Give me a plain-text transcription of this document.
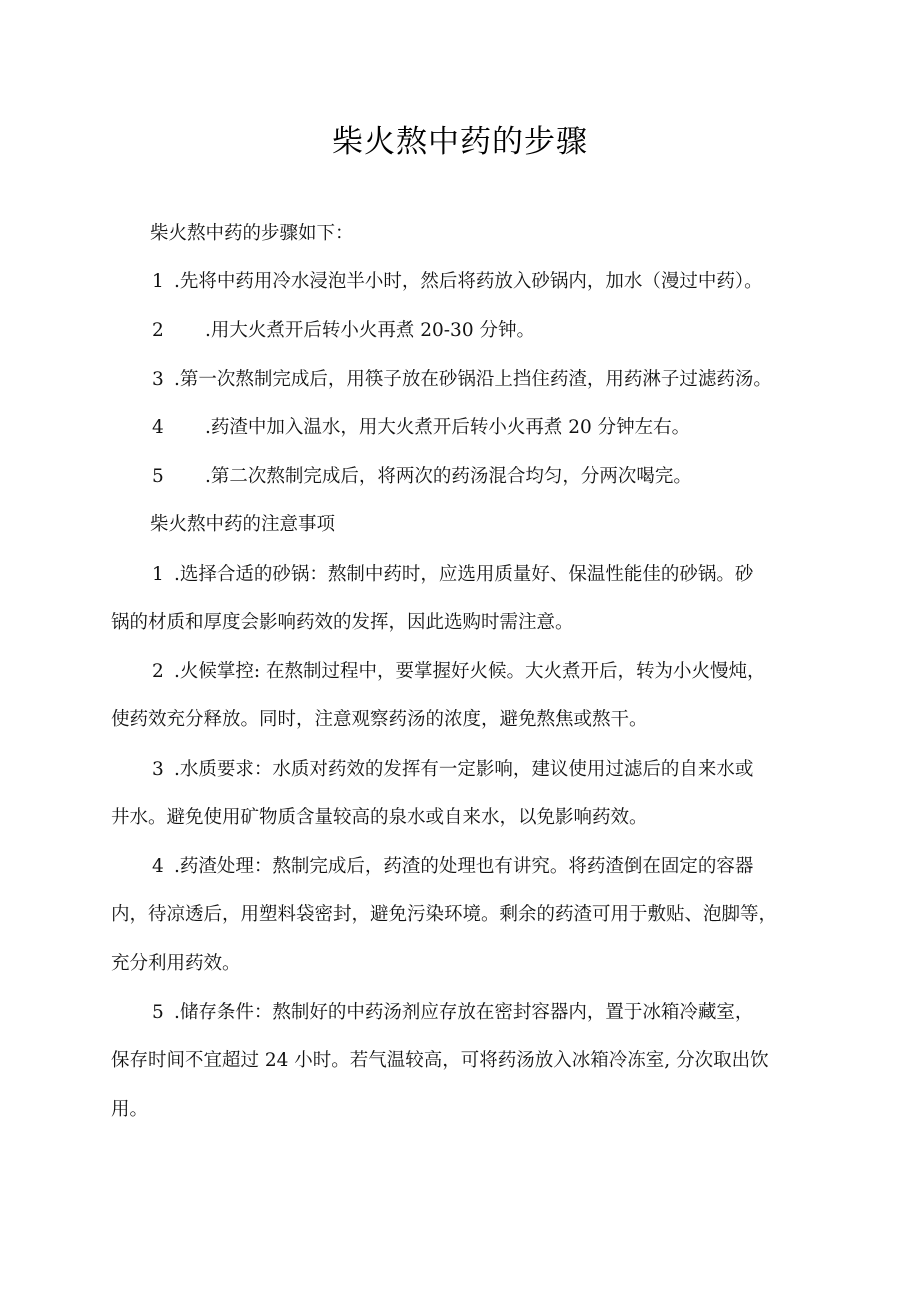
柴火熬中药的步骤
柴火熬中药的步骤如下：
1 .先将中药用冷水浸泡半小时，然后将药放入砂锅内，加水（漫过中药）。
2 .用大火煮开后转小火再煮 20-30 分钟。
3 .第一次熬制完成后，用筷子放在砂锅沿上挡住药渣，用药淋子过滤药汤。
4 .药渣中加入温水，用大火煮开后转小火再煮 20 分钟左右。
5 .第二次熬制完成后，将两次的药汤混合均匀，分两次喝完。
柴火熬中药的注意事项
1 .选择合适的砂锅：熬制中药时，应选用质量好、保温性能佳的砂锅。砂
锅的材质和厚度会影响药效的发挥，因此选购时需注意。
2 .火候掌控: 在熬制过程中，要掌握好火候。大火煮开后，转为小火慢炖，
使药效充分释放。同时，注意观察药汤的浓度，避免熬焦或熬干。
3 .水质要求：水质对药效的发挥有一定影响，建议使用过滤后的自来水或
井水。避免使用矿物质含量较高的泉水或自来水，以免影响药效。
4 .药渣处理：熬制完成后，药渣的处理也有讲究。将药渣倒在固定的容器
内，待凉透后，用塑料袋密封，避免污染环境。剩余的药渣可用于敷贴、泡脚等，
充分利用药效。
5 .储存条件：熬制好的中药汤剂应存放在密封容器内，置于冰箱冷藏室，
保存时间不宜超过 24 小时。若气温较高，可将药汤放入冰箱冷冻室, 分次取出饮
用。
